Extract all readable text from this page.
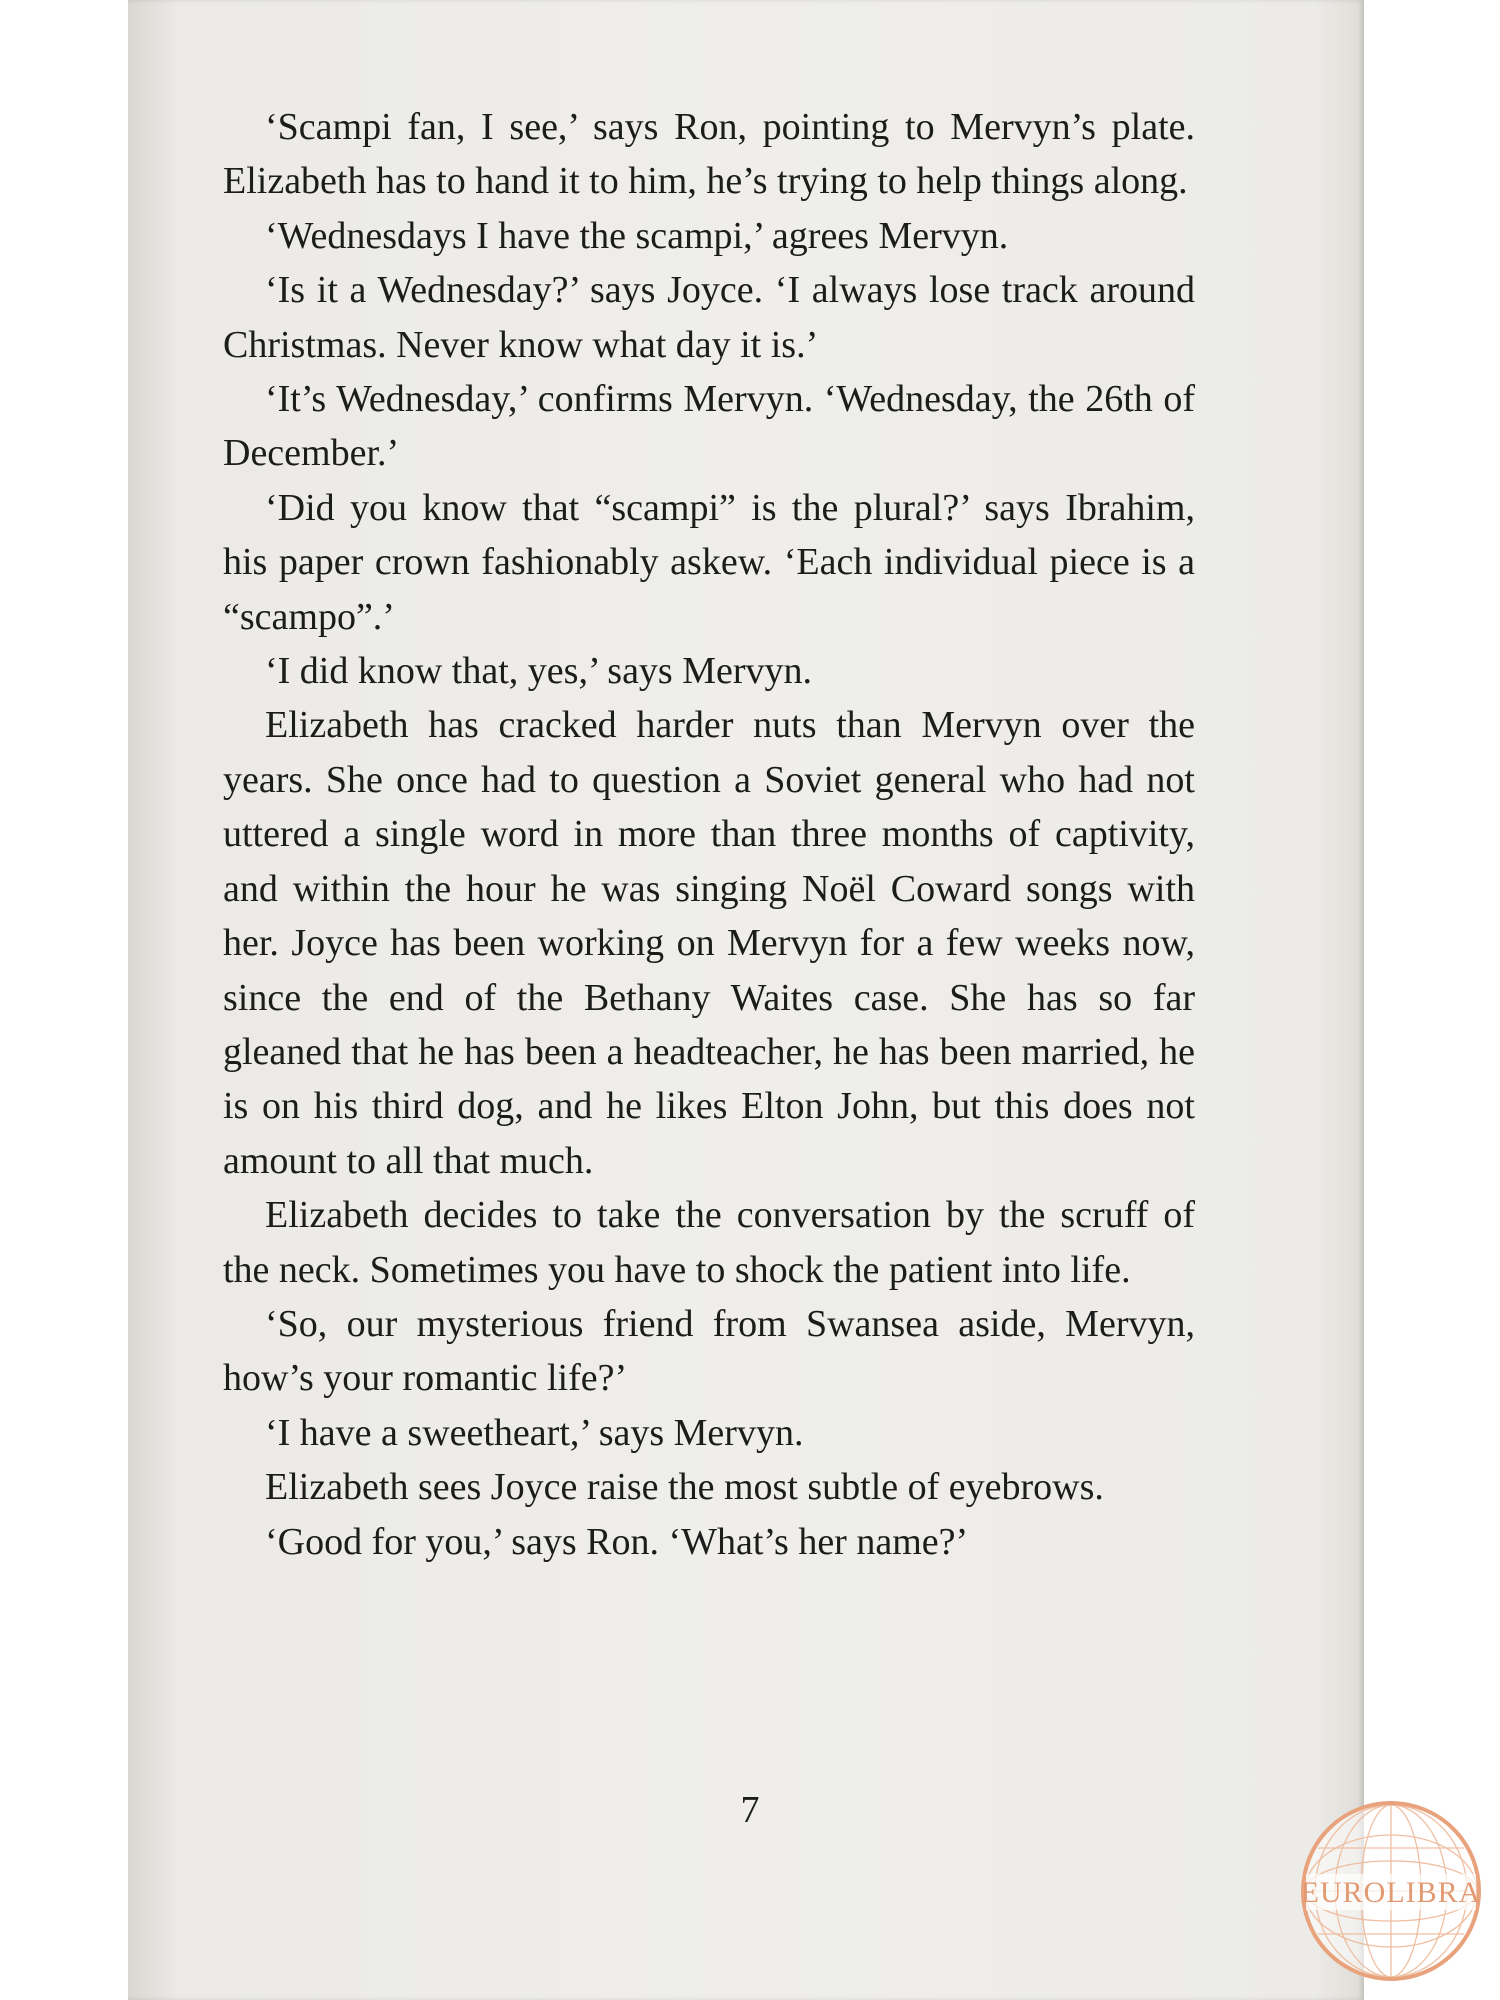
‘Scampi fan, I see,’ says Ron, pointing to Mervyn’s plate. Elizabeth has to hand it to him, he’s trying to help things along.

‘Wednesdays I have the scampi,’ agrees Mervyn.

‘Is it a Wednesday?’ says Joyce. ‘I always lose track around Christmas. Never know what day it is.’

‘It’s Wednesday,’ confirms Mervyn. ‘Wednesday, the 26th of December.’

‘Did you know that “scampi” is the plural?’ says Ibrahim, his paper crown fashionably askew. ‘Each individual piece is a “scampo”.’

‘I did know that, yes,’ says Mervyn.

Elizabeth has cracked harder nuts than Mervyn over the years. She once had to question a Soviet general who had not uttered a single word in more than three months of captivity, and within the hour he was singing Noël Coward songs with her. Joyce has been working on Mervyn for a few weeks now, since the end of the Bethany Waites case. She has so far gleaned that he has been a headteacher, he has been married, he is on his third dog, and he likes Elton John, but this does not amount to all that much.

Elizabeth decides to take the conversation by the scruff of the neck. Sometimes you have to shock the patient into life.

‘So, our mysterious friend from Swansea aside, Mervyn, how’s your romantic life?’

‘I have a sweetheart,’ says Mervyn.

Elizabeth sees Joyce raise the most subtle of eyebrows.

‘Good for you,’ says Ron. ‘What’s her name?’

7
EUROLIBRA
